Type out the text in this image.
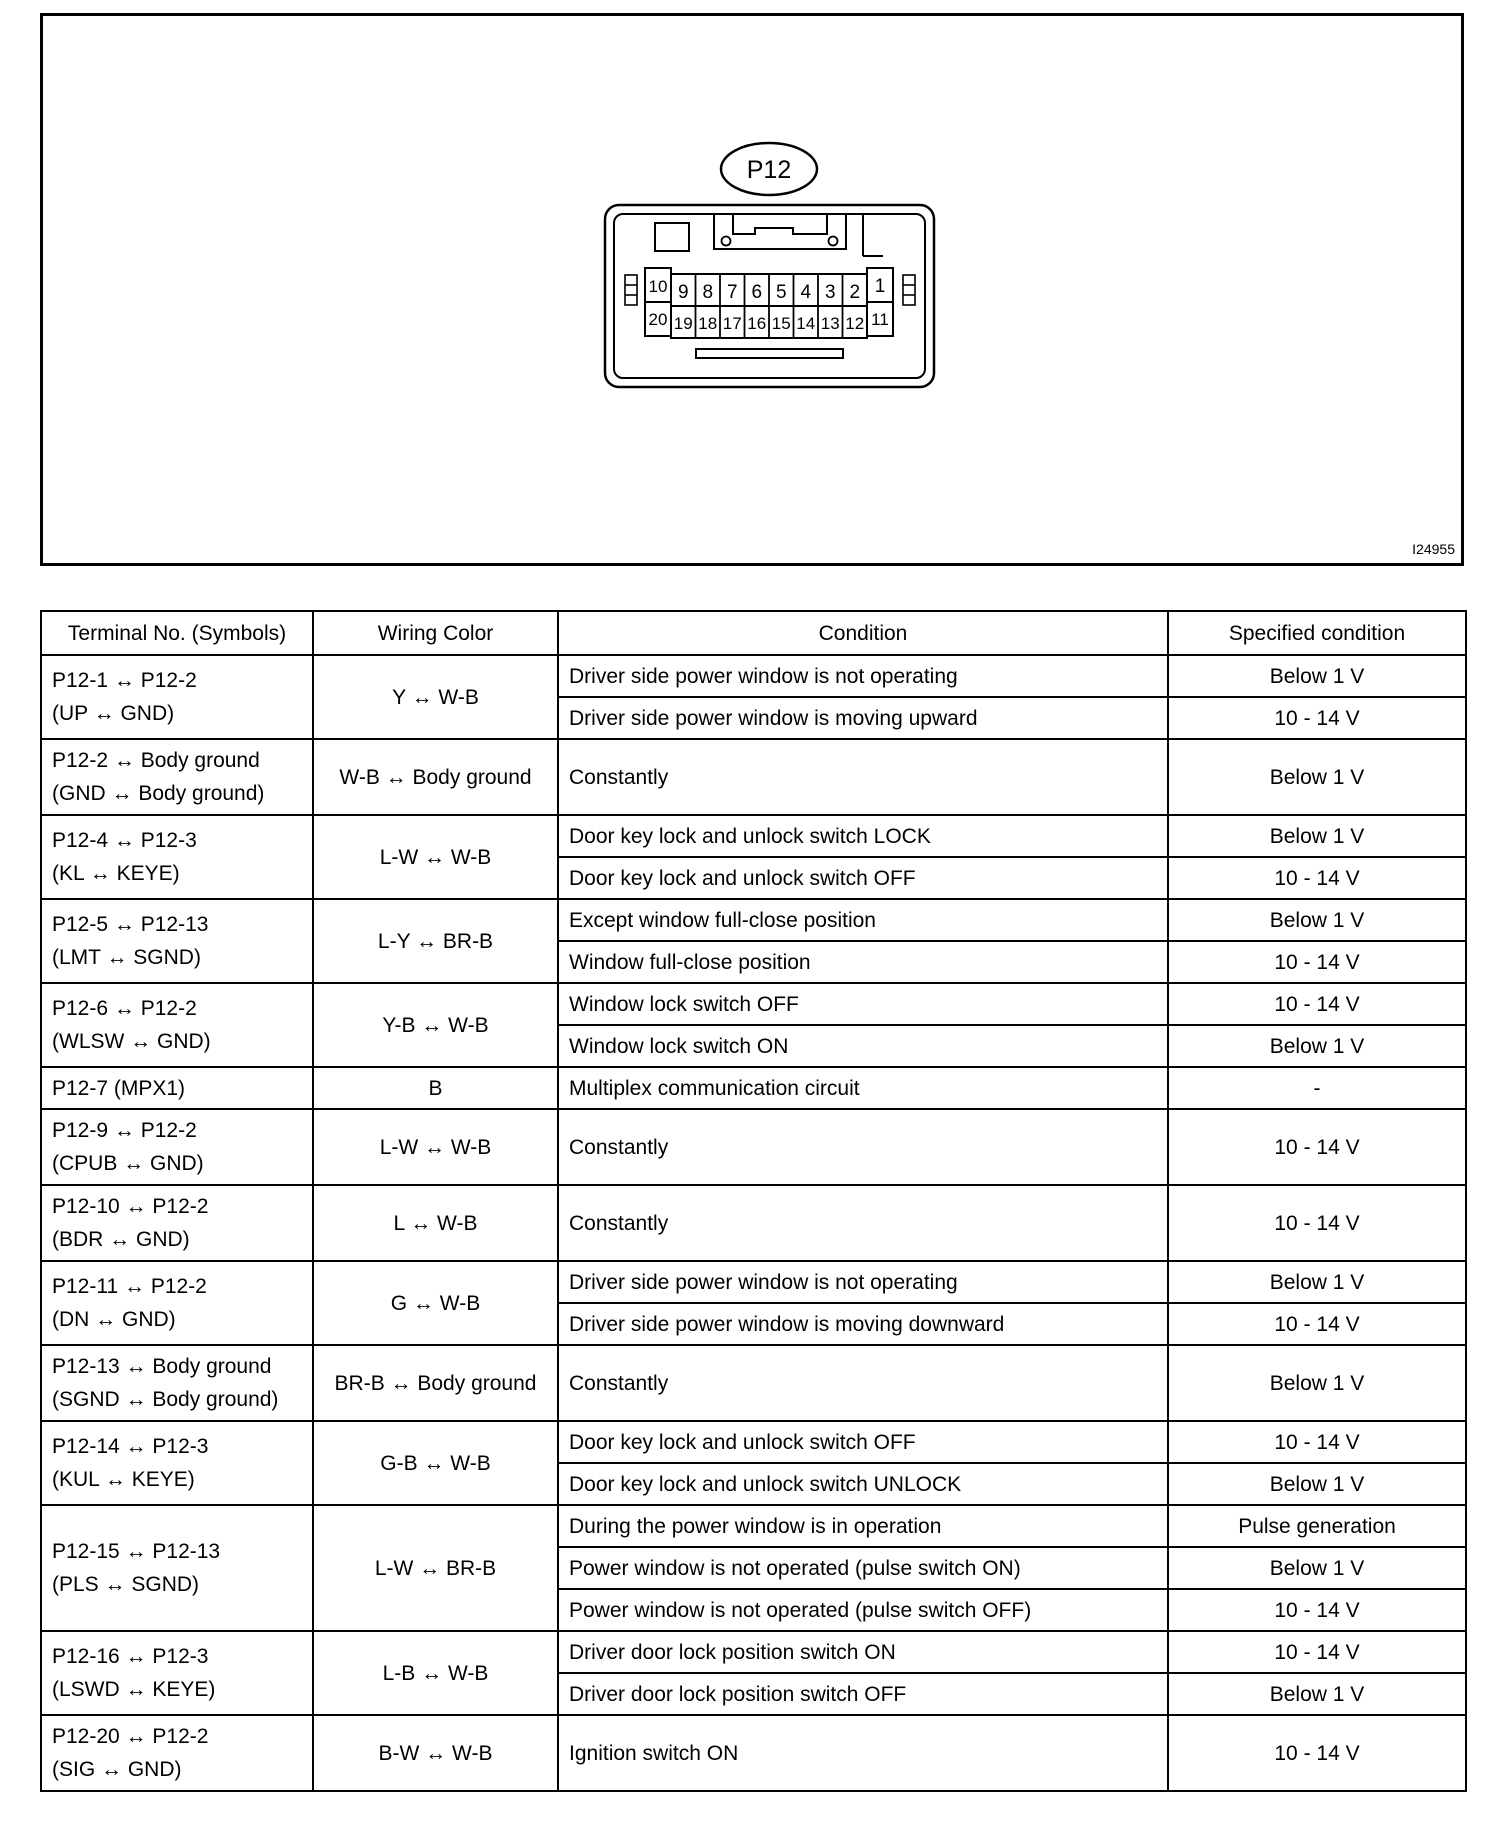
P12
10 9 8 7 6 5 4 3 2 1
20 19 18 17 16 15 14 13 12 11
I24955
Terminal No. (Symbols)	Wiring Color	Condition	Specified condition

P12-1 ↔ P12-2
(UP ↔ GND)	Y ↔ W-B	Driver side power window is not operating	Below 1 V
		Driver side power window is moving upward	10 - 14 V

P12-2 ↔ Body ground
(GND ↔ Body ground)	W-B ↔ Body ground	Constantly	Below 1 V

P12-4 ↔ P12-3
(KL ↔ KEYE)	L-W ↔ W-B	Door key lock and unlock switch LOCK	Below 1 V
		Door key lock and unlock switch OFF	10 - 14 V

P12-5 ↔ P12-13
(LMT ↔ SGND)	L-Y ↔ BR-B	Except window full-close position	Below 1 V
		Window full-close position	10 - 14 V

P12-6 ↔ P12-2
(WLSW ↔ GND)	Y-B ↔ W-B	Window lock switch OFF	10 - 14 V
		Window lock switch ON	Below 1 V

P12-7 (MPX1)	B	Multiplex communication circuit	-

P12-9 ↔ P12-2
(CPUB ↔ GND)	L-W ↔ W-B	Constantly	10 - 14 V

P12-10 ↔ P12-2
(BDR ↔ GND)	L ↔ W-B	Constantly	10 - 14 V

P12-11 ↔ P12-2
(DN ↔ GND)	G ↔ W-B	Driver side power window is not operating	Below 1 V
		Driver side power window is moving downward	10 - 14 V

P12-13 ↔ Body ground
(SGND ↔ Body ground)	BR-B ↔ Body ground	Constantly	Below 1 V

P12-14 ↔ P12-3
(KUL ↔ KEYE)	G-B ↔ W-B	Door key lock and unlock switch OFF	10 - 14 V
		Door key lock and unlock switch UNLOCK	Below 1 V

P12-15 ↔ P12-13
(PLS ↔ SGND)	L-W ↔ BR-B	During the power window is in operation	Pulse generation
		Power window is not operated (pulse switch ON)	Below 1 V
		Power window is not operated (pulse switch OFF)	10 - 14 V

P12-16 ↔ P12-3
(LSWD ↔ KEYE)	L-B ↔ W-B	Driver door lock position switch ON	10 - 14 V
		Driver door lock position switch OFF	Below 1 V

P12-20 ↔ P12-2
(SIG ↔ GND)	B-W ↔ W-B	Ignition switch ON	10 - 14 V
